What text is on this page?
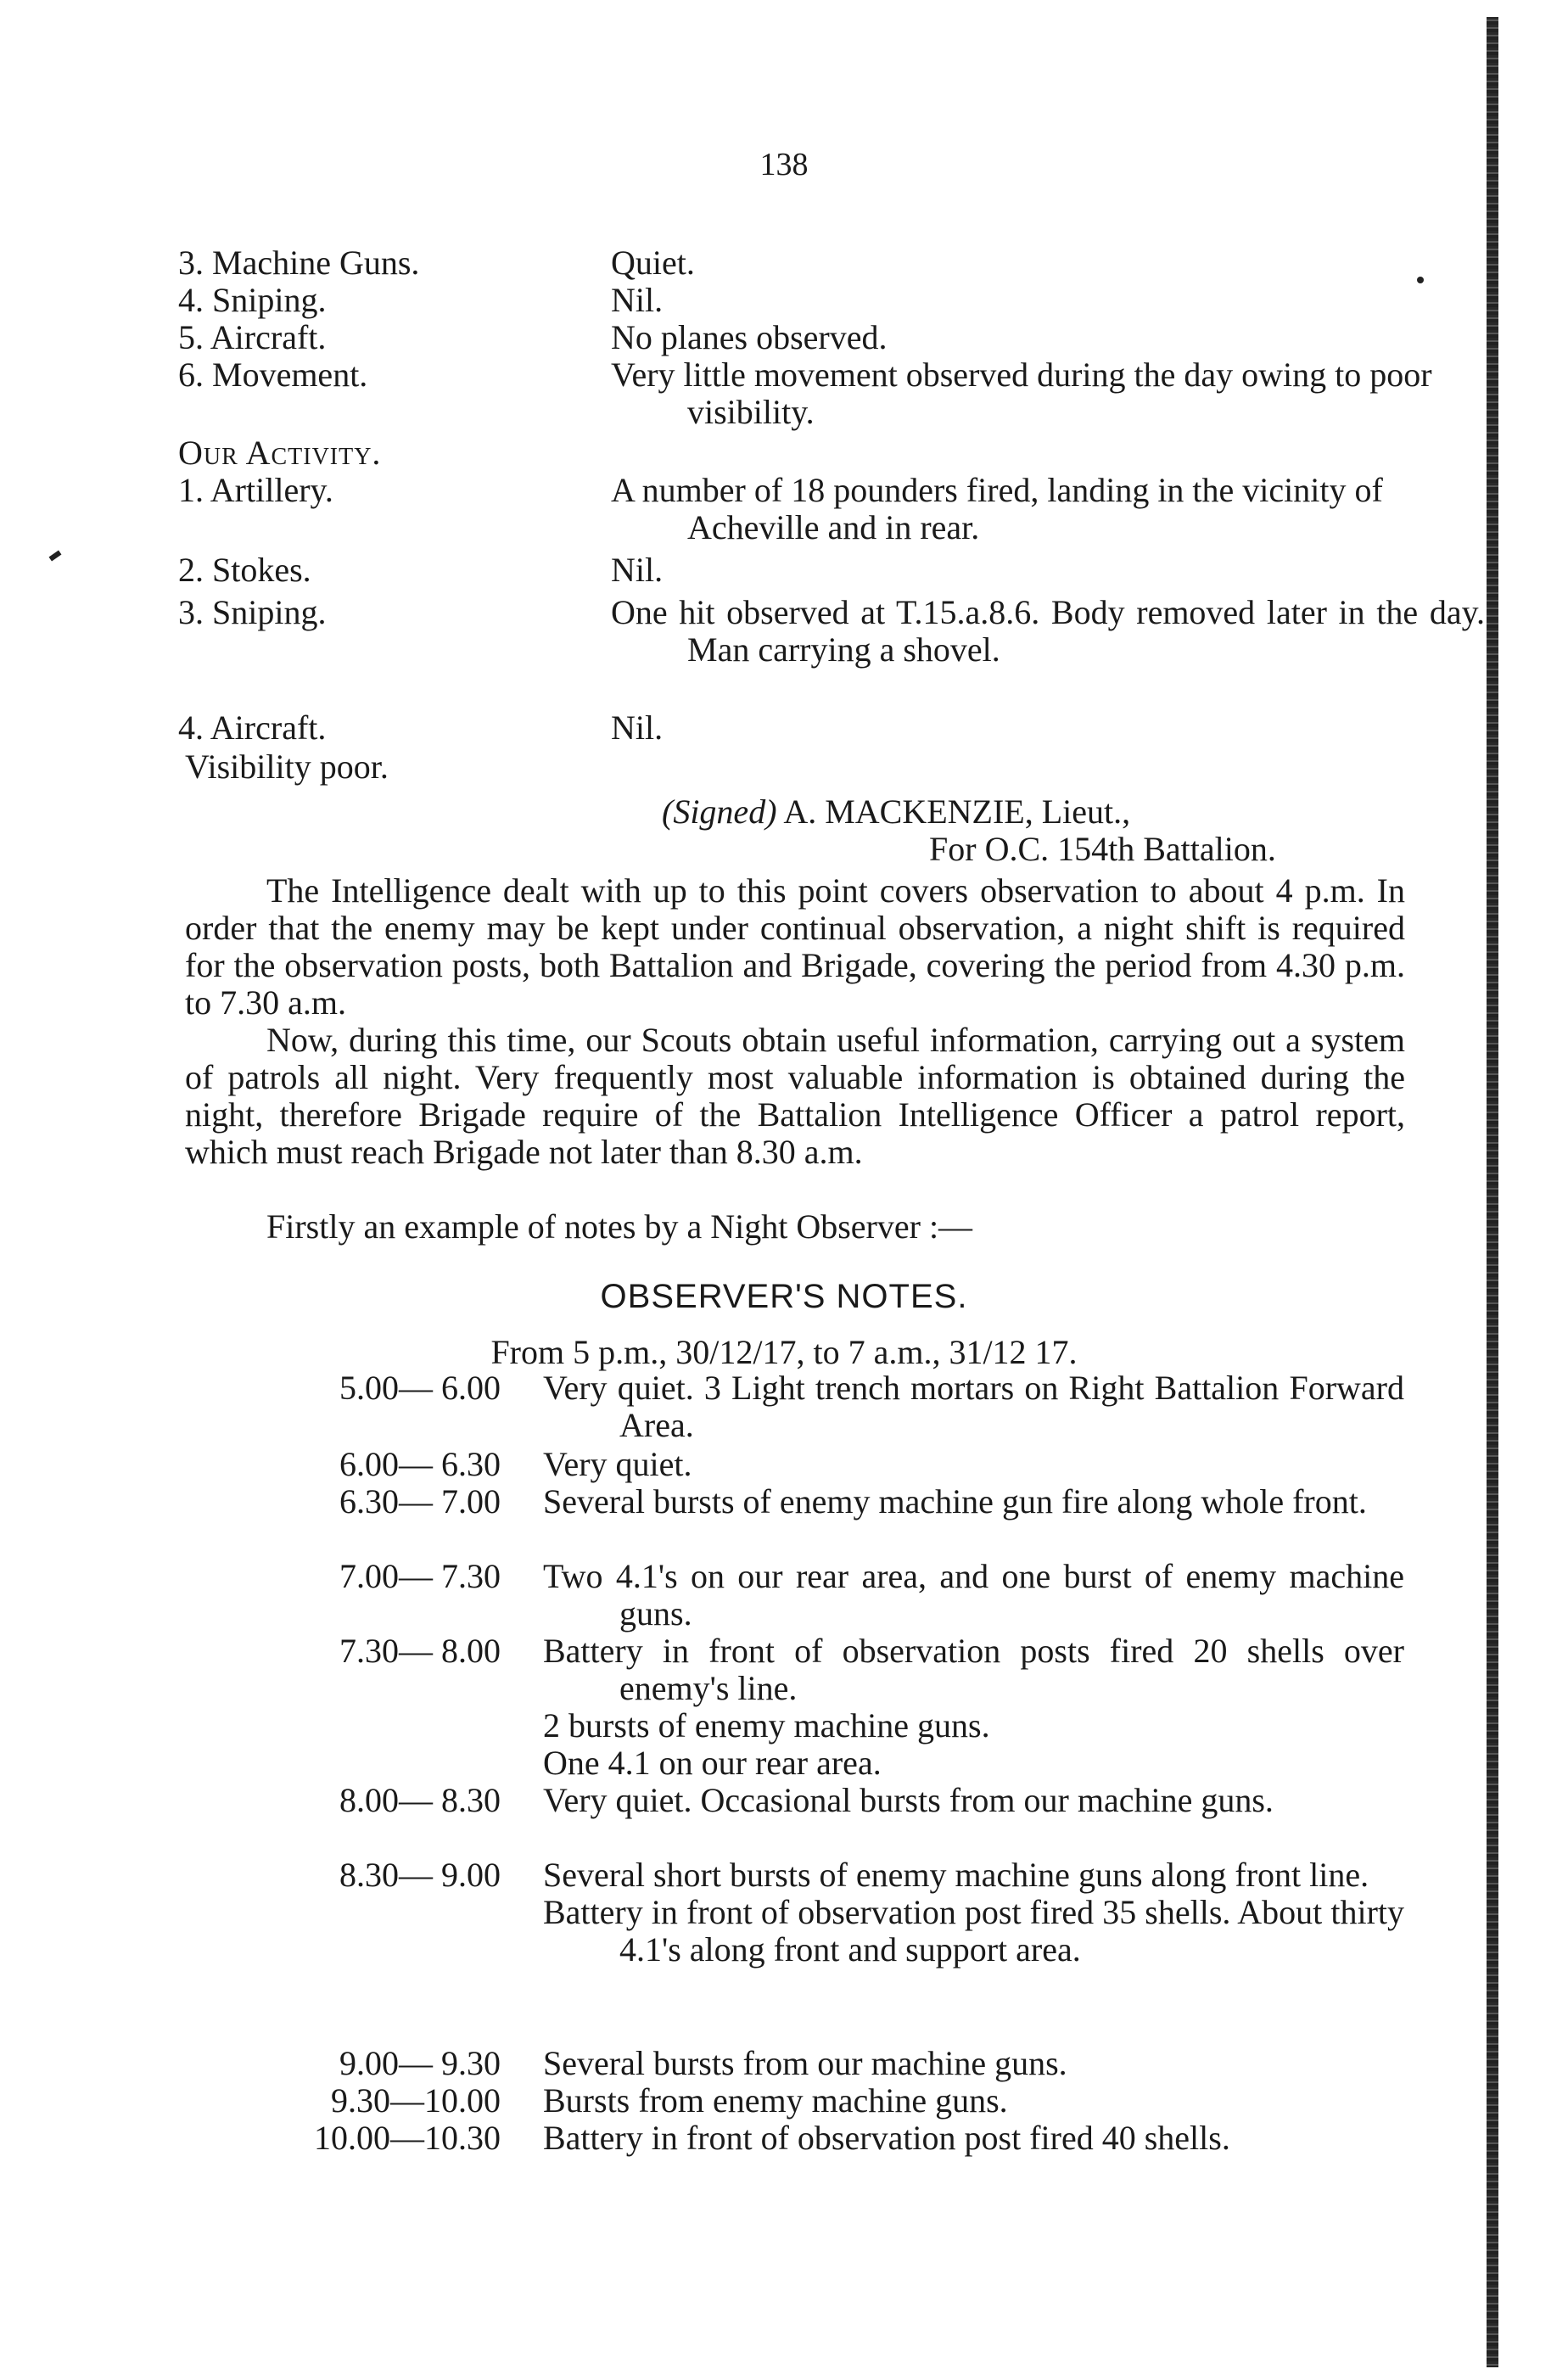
138
3. Machine Guns.	Quiet.
4. Sniping.	Nil.
5. Aircraft.	No planes observed.
6. Movement.	Very little movement observed during the day owing to poor visibility.
Our Activity.
1. Artillery.	A number of 18 pounders fired, landing in the vicinity of Acheville and in rear.
2. Stokes.	Nil.
3. Sniping.	One hit observed at T.15.a.8.6. Body removed later in the day. Man carrying a shovel.
4. Aircraft.	Nil.
Visibility poor.
(Signed) A. MACKENZIE, Lieut.,
For O.C. 154th Battalion.
The Intelligence dealt with up to this point covers observation to about 4 p.m. In order that the enemy may be kept under continual observation, a night shift is required for the observation posts, both Battalion and Brigade, covering the period from 4.30 p.m. to 7.30 a.m.
Now, during this time, our Scouts obtain useful information, carrying out a system of patrols all night. Very frequently most valuable information is obtained during the night, therefore Brigade require of the Battalion Intelligence Officer a patrol report, which must reach Brigade not later than 8.30 a.m.
Firstly an example of notes by a Night Observer :—
OBSERVER'S NOTES.
From 5 p.m., 30/12/17, to 7 a.m., 31/12 17.
5.00— 6.00 Very quiet. 3 Light trench mortars on Right Battalion Forward Area.
6.00— 6.30 Very quiet.
6.30— 7.00 Several bursts of enemy machine gun fire along whole front.
7.00— 7.30 Two 4.1's on our rear area, and one burst of enemy machine guns.
7.30— 8.00 Battery in front of observation posts fired 20 shells over enemy's line.
2 bursts of enemy machine guns.
One 4.1 on our rear area.
8.00— 8.30 Very quiet. Occasional bursts from our machine guns.
8.30— 9.00 Several short bursts of enemy machine guns along front line.
Battery in front of observation post fired 35 shells. About thirty 4.1's along front and support area.
9.00— 9.30 Several bursts from our machine guns.
9.30—10.00 Bursts from enemy machine guns.
10.00—10.30 Battery in front of observation post fired 40 shells.
